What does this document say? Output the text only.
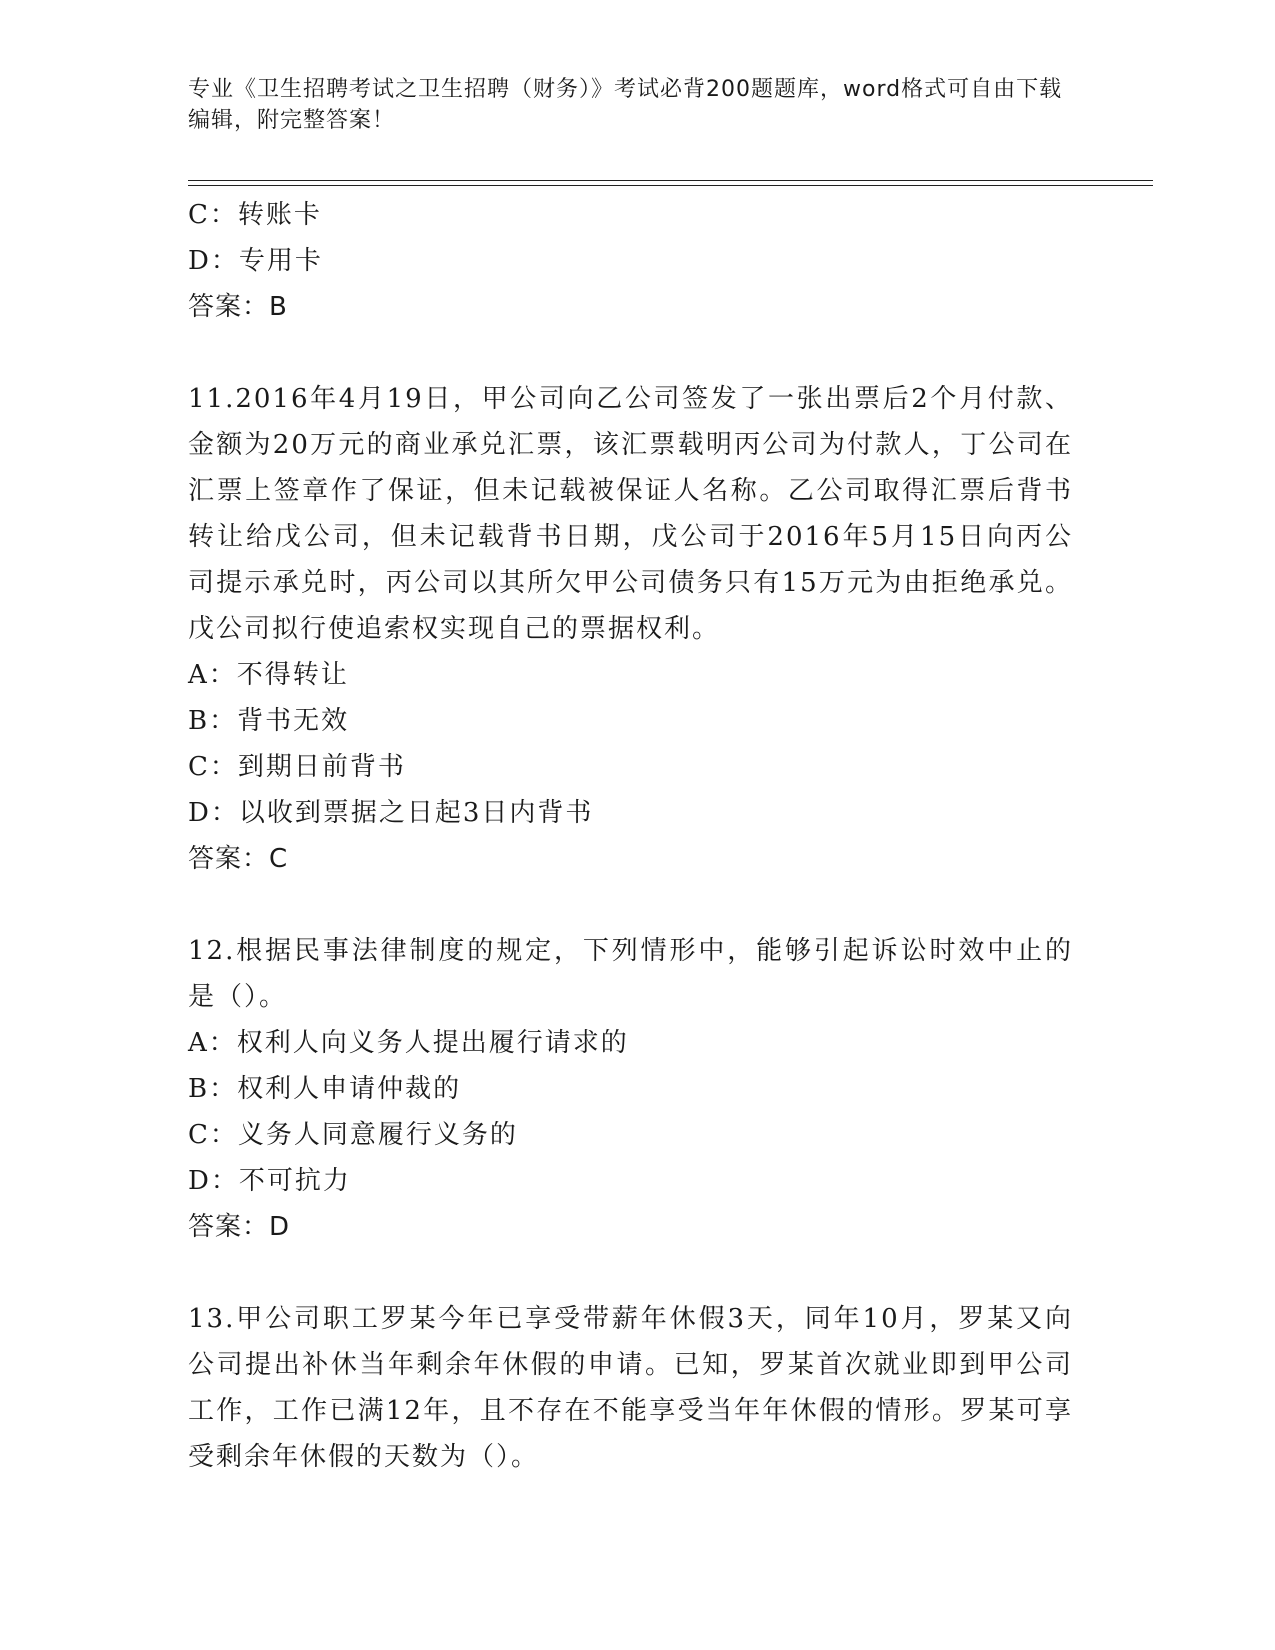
专业《卫生招聘考试之卫生招聘（财务）》考试必背200题题库，word格式可自由下载编辑，附完整答案！
C：转账卡
D：专用卡
答案：B
11.2016年4月19日，甲公司向乙公司签发了一张出票后2个月付款、金额为20万元的商业承兑汇票，该汇票载明丙公司为付款人，丁公司在汇票上签章作了保证，但未记载被保证人名称。乙公司取得汇票后背书转让给戊公司，但未记载背书日期，戊公司于2016年5月15日向丙公司提示承兑时，丙公司以其所欠甲公司债务只有15万元为由拒绝承兑。戊公司拟行使追索权实现自己的票据权利。
A：不得转让
B：背书无效
C：到期日前背书
D：以收到票据之日起3日内背书
答案：C
12.根据民事法律制度的规定，下列情形中，能够引起诉讼时效中止的是（）。
A：权利人向义务人提出履行请求的
B：权利人申请仲裁的
C：义务人同意履行义务的
D：不可抗力
答案：D
13.甲公司职工罗某今年已享受带薪年休假3天，同年10月，罗某又向公司提出补休当年剩余年休假的申请。已知，罗某首次就业即到甲公司工作，工作已满12年，且不存在不能享受当年年休假的情形。罗某可享受剩余年休假的天数为（）。
